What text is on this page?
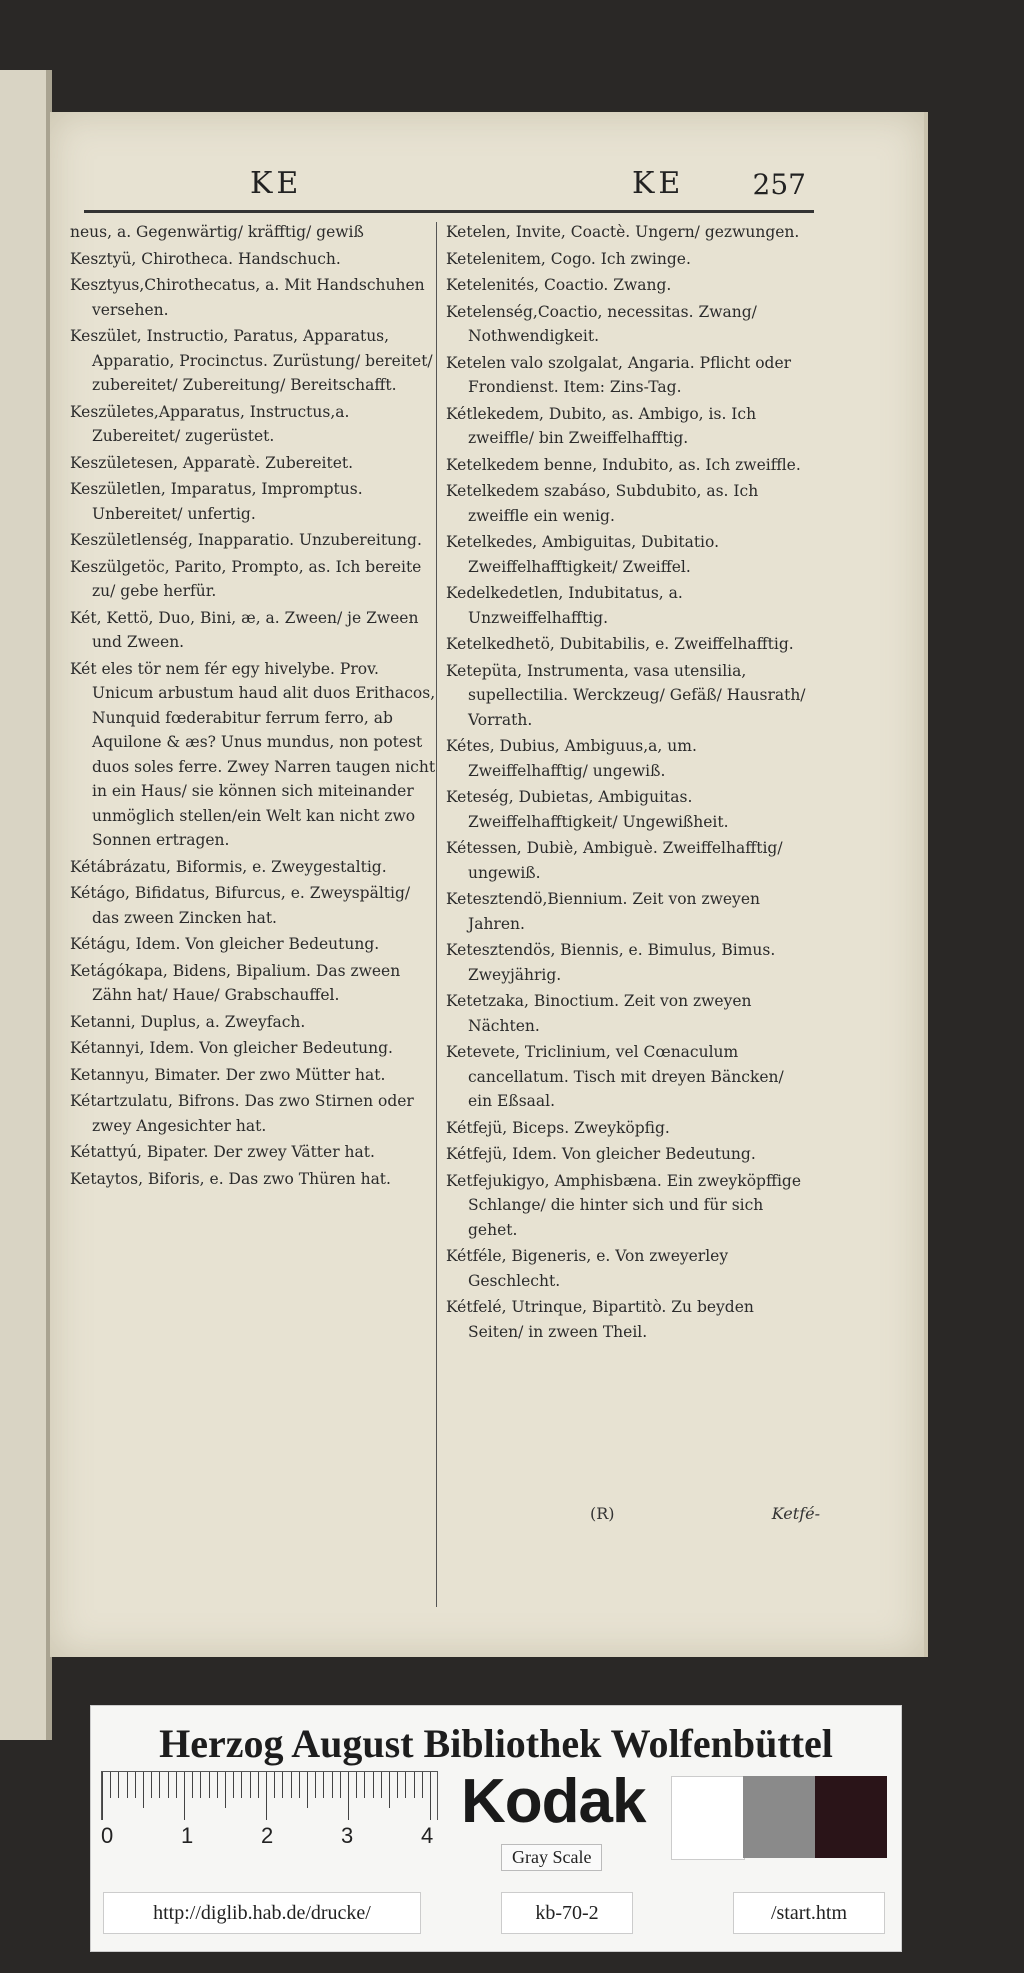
KE	KE 257
neus, a. Gegenwärtig/ kräfftig/ gewiß
Kesztyü, Chirotheca. Handschuch.
Kesztyus,Chirothecatus, a. Mit Handschuhen versehen.
Keszület, Instructio, Paratus, Apparatus, Apparatio, Procinctus. Zurüstung/ bereitet/ zubereitet/ Zubereitung/ Bereitschafft.
Keszületes,Apparatus, Instructus,a. Zubereitet/ zugerüstet.
Keszületesen, Apparatè. Zubereitet.
Keszületlen, Imparatus, Impromptus. Unbereitet/ unfertig.
Keszületlenség, Inapparatio. Unzubereitung.
Keszülgetöc, Parito, Prompto, as. Ich bereite zu/ gebe herfür.
Két, Kettö, Duo, Bini, æ, a. Zween/ je Zween und Zween.
Két eles tör nem fér egy hivelybe. Prov. Unicum arbustum haud alit duos Erithacos, Nunquid fœderabitur ferrum ferro, ab Aquilone & æs? Unus mundus, non potest duos soles ferre. Zwey Narren taugen nicht in ein Haus/ sie können sich miteinander unmöglich stellen/ein Welt kan nicht zwo Sonnen ertragen.
Kétábrázatu, Biformis, e. Zweygestaltig.
Kétágo, Bifidatus, Bifurcus, e. Zweyspältig/ das zween Zincken hat.
Kétágu, Idem. Von gleicher Bedeutung.
Ketágókapa, Bidens, Bipalium. Das zween Zähn hat/ Haue/ Grabschauffel.
Ketanni, Duplus, a. Zweyfach.
Kétannyi, Idem. Von gleicher Bedeutung.
Ketannyu, Bimater. Der zwo Mütter hat.
Kétartzulatu, Bifrons. Das zwo Stirnen oder zwey Angesichter hat.
Kétattyú, Bipater. Der zwey Vätter hat.
Ketaytos, Biforis, e. Das zwo Thüren hat.
Ketelen, Invite, Coactè. Ungern/ gezwungen.
Ketelenitem, Cogo. Ich zwinge.
Ketelenités, Coactio. Zwang.
Ketelenség,Coactio, necessitas. Zwang/ Nothwendigkeit.
Ketelen valo szolgalat, Angaria. Pflicht oder Frondienst. Item: Zins-Tag.
Kétlekedem, Dubito, as. Ambigo, is. Ich zweiffle/ bin Zweiffelhafftig.
Ketelkedem benne, Indubito, as. Ich zweiffle.
Ketelkedem szabáso, Subdubito, as. Ich zweiffle ein wenig.
Ketelkedes, Ambiguitas, Dubitatio. Zweiffelhafftigkeit/ Zweiffel.
Kedelkedetlen, Indubitatus, a. Unzweiffelhafftig.
Ketelkedhetö, Dubitabilis, e. Zweiffelhafftig.
Ketepüta, Instrumenta, vasa utensilia, supellectilia. Werckzeug/ Gefäß/ Hausrath/ Vorrath.
Kétes, Dubius, Ambiguus,a, um. Zweiffelhafftig/ ungewiß.
Keteség, Dubietas, Ambiguitas. Zweiffelhafftigkeit/ Ungewißheit.
Kétessen, Dubiè, Ambiguè. Zweiffelhafftig/ ungewiß.
Ketesztendö,Biennium. Zeit von zweyen Jahren.
Ketesztendös, Biennis, e. Bimulus, Bimus. Zweyjährig.
Ketetzaka, Binoctium. Zeit von zweyen Nächten.
Ketevete, Triclinium, vel Cœnaculum cancellatum. Tisch mit dreyen Bäncken/ ein Eßsaal.
Kétfejü, Biceps. Zweyköpfig.
Kétfejü, Idem. Von gleicher Bedeutung.
Ketfejukigyo, Amphisbæna. Ein zweyköpffige Schlange/ die hinter sich und für sich gehet.
Kétféle, Bigeneris, e. Von zweyerley Geschlecht.
Kétfelé, Utrinque, Bipartitò. Zu beyden Seiten/ in zween Theil.
(R)	Ketfé-
Herzog August Bibliothek Wolfenbüttel
0	1	2	3	4 Kodak
Gray Scale
http://diglib.hab.de/drucke/	kb-70-2	/start.htm
